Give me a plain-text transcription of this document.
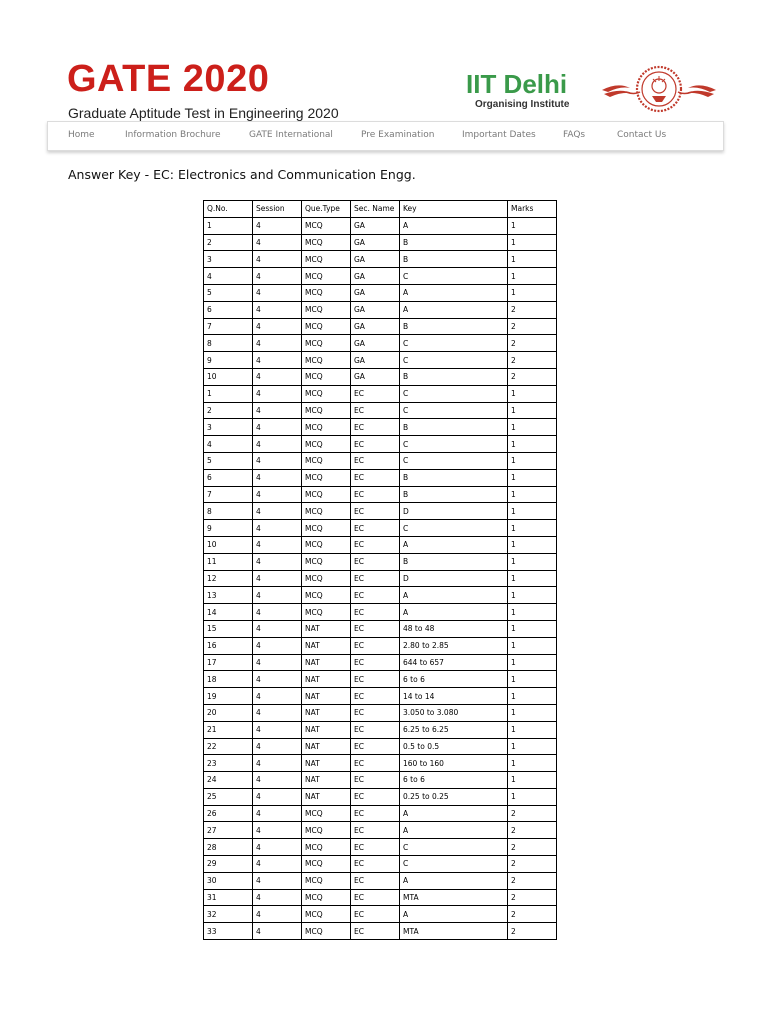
GATE 2020
Graduate Aptitude Test in Engineering 2020
IIT Delhi
Organising Institute
Home	Information Brochure	GATE International	Pre Examination	Important Dates	FAQs	Contact Us
Answer Key - EC: Electronics and Communication Engg.
Q.No.	Session	Que.Type	Sec. Name	Key	Marks
1	4	MCQ	GA	A	1
2	4	MCQ	GA	B	1
3	4	MCQ	GA	B	1
4	4	MCQ	GA	C	1
5	4	MCQ	GA	A	1
6	4	MCQ	GA	A	2
7	4	MCQ	GA	B	2
8	4	MCQ	GA	C	2
9	4	MCQ	GA	C	2
10	4	MCQ	GA	B	2
1	4	MCQ	EC	C	1
2	4	MCQ	EC	C	1
3	4	MCQ	EC	B	1
4	4	MCQ	EC	C	1
5	4	MCQ	EC	C	1
6	4	MCQ	EC	B	1
7	4	MCQ	EC	B	1
8	4	MCQ	EC	D	1
9	4	MCQ	EC	C	1
10	4	MCQ	EC	A	1
11	4	MCQ	EC	B	1
12	4	MCQ	EC	D	1
13	4	MCQ	EC	A	1
14	4	MCQ	EC	A	1
15	4	NAT	EC	48 to 48	1
16	4	NAT	EC	2.80 to 2.85	1
17	4	NAT	EC	644 to 657	1
18	4	NAT	EC	6 to 6	1
19	4	NAT	EC	14 to 14	1
20	4	NAT	EC	3.050 to 3.080	1
21	4	NAT	EC	6.25 to 6.25	1
22	4	NAT	EC	0.5 to 0.5	1
23	4	NAT	EC	160 to 160	1
24	4	NAT	EC	6 to 6	1
25	4	NAT	EC	0.25 to 0.25	1
26	4	MCQ	EC	A	2
27	4	MCQ	EC	A	2
28	4	MCQ	EC	C	2
29	4	MCQ	EC	C	2
30	4	MCQ	EC	A	2
31	4	MCQ	EC	MTA	2
32	4	MCQ	EC	A	2
33	4	MCQ	EC	MTA	2
